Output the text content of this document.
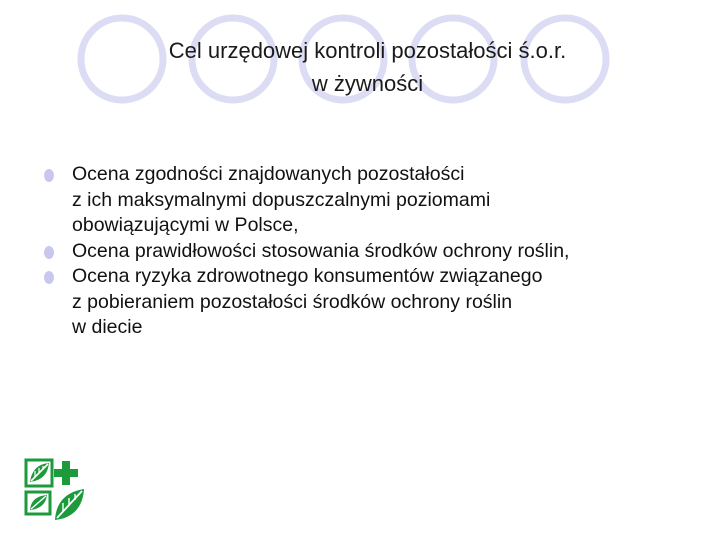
Cel urzędowej kontroli pozostałości ś.o.r.
w żywności
Ocena zgodności znajdowanych pozostałości
z ich maksymalnymi dopuszczalnymi poziomami
obowiązującymi w Polsce,
Ocena prawidłowości stosowania środków ochrony roślin,
Ocena ryzyka zdrowotnego konsumentów związanego
z pobieraniem pozostałości środków ochrony roślin
w diecie
